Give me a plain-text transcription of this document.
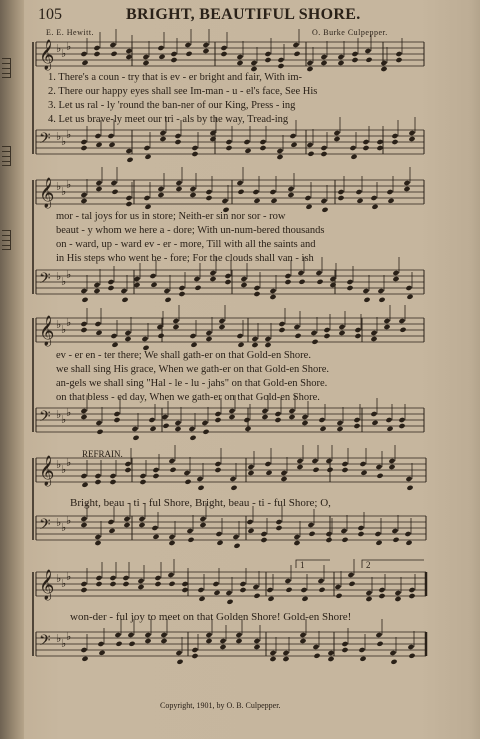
105	BRIGHT, BEAUTIFUL SHORE.
E. E. Hewitt.	O. Burke Culpepper.
𝄞 ♭ ♭
♭
𝄢 ♭ ♭
♭
𝄞 ♭ ♭
♭
𝄢 ♭ ♭
♭
𝄞 ♭ ♭
♭
𝄢 ♭ ♭
♭
𝄞 ♭ ♭
♭
𝄢 ♭ ♭
♭
𝄞 ♭ ♭
♭
𝄢 ♭ ♭
♭
1. There's a coun - try that is ev - er bright and fair, With im-
2. There our happy eyes shall see Im-man - u - el's face, See His
3. Let us ral - ly 'round the ban-ner of our King, Press - ing
4. Let us brave-ly meet our tri - als by the way, Tread-ing
mor - tal joys for us in store; Neith-er sin nor sor - row
beaut - y whom we here a - dore; With un-num-bered thousands
on - ward, up - ward ev - er - more, Till with all the saints and
in His steps who went be - fore; For the clouds shall van - ish
ev - er en - ter there; We shall gath-er on that Gold-en Shore.
we shall sing His grace, When we gath-er on that Gold-en Shore.
an-gels we shall sing "Hal - le - lu - jahs" on that Gold-en Shore.
on that bless - ed day, When we gath-er on that Gold-en Shore.
REFRAIN.
Bright, beau - ti - ful Shore, Bright, beau - ti - ful Shore; O,
won-der - ful joy to meet on that Golden Shore! Gold-en Shore!
1	2
Copyright, 1901, by O. B. Culpepper.
